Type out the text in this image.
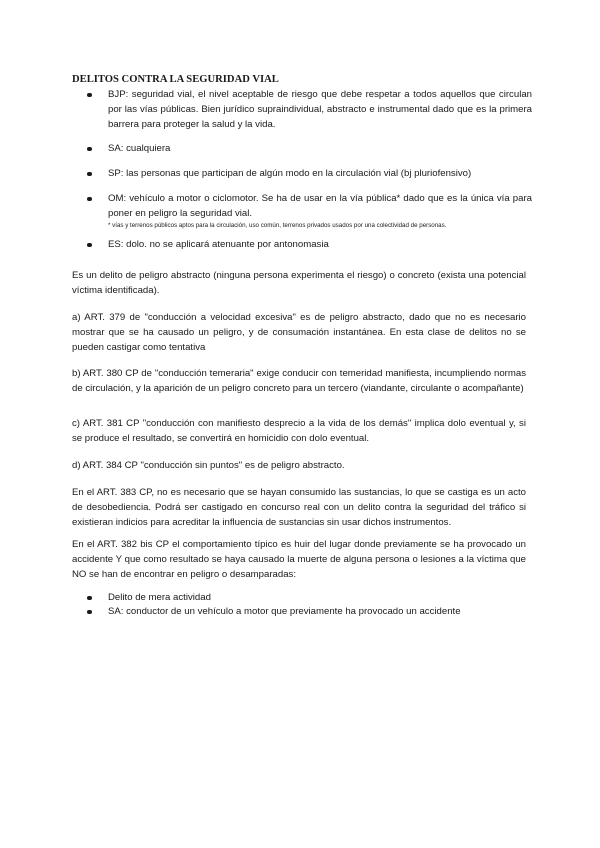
DELITOS CONTRA LA SEGURIDAD VIAL

BJP: seguridad vial, el nivel aceptable de riesgo que debe respetar a todos aquellos que circulan por las vías públicas. Bien jurídico supraindividual, abstracto e instrumental dado que es la primera barrera para proteger la salud y la vida.

SA: cualquiera

SP: las personas que participan de algún modo en la circulación vial (bj pluriofensivo)

OM: vehículo a motor o ciclomotor. Se ha de usar en la vía pública* dado que es la única vía para poner en peligro la seguridad vial.

* vías y terrenos públicos aptos para la circulación, uso común, terrenos privados usados por una colectividad de personas.

ES: dolo. no se aplicará atenuante por antonomasia

Es un delito de peligro abstracto (ninguna persona experimenta el riesgo) o concreto (exista una potencial víctima identificada).

a) ART. 379 de "conducción a velocidad excesiva" es de peligro abstracto, dado que no es necesario mostrar que se ha causado un peligro, y de consumación instantánea. En esta clase de delitos no se pueden castigar como tentativa

b) ART. 380 CP de "conducción temeraria" exige conducir con temeridad manifiesta, incumpliendo normas de circulación, y la aparición de un peligro concreto para un tercero (viandante, circulante o acompañante)

c) ART. 381 CP "conducción con manifiesto desprecio a la vida de los demás" implica dolo eventual y, si se produce el resultado, se convertirá en homicidio con dolo eventual.

d) ART. 384 CP "conducción sin puntos" es de peligro abstracto.

En el ART. 383 CP, no es necesario que se hayan consumido las sustancias, lo que se castiga es un acto de desobediencia. Podrá ser castigado en concurso real con un delito contra la seguridad del tráfico si existieran indicios para acreditar la influencia de sustancias sin usar dichos instrumentos.

En el ART. 382 bis CP el comportamiento típico es huir del lugar donde previamente se ha provocado un accidente Y que como resultado se haya causado la muerte de alguna persona o lesiones a la víctima que NO se han de encontrar en peligro o desamparadas:

Delito de mera actividad

SA: conductor de un vehículo a motor que previamente ha provocado un accidente
